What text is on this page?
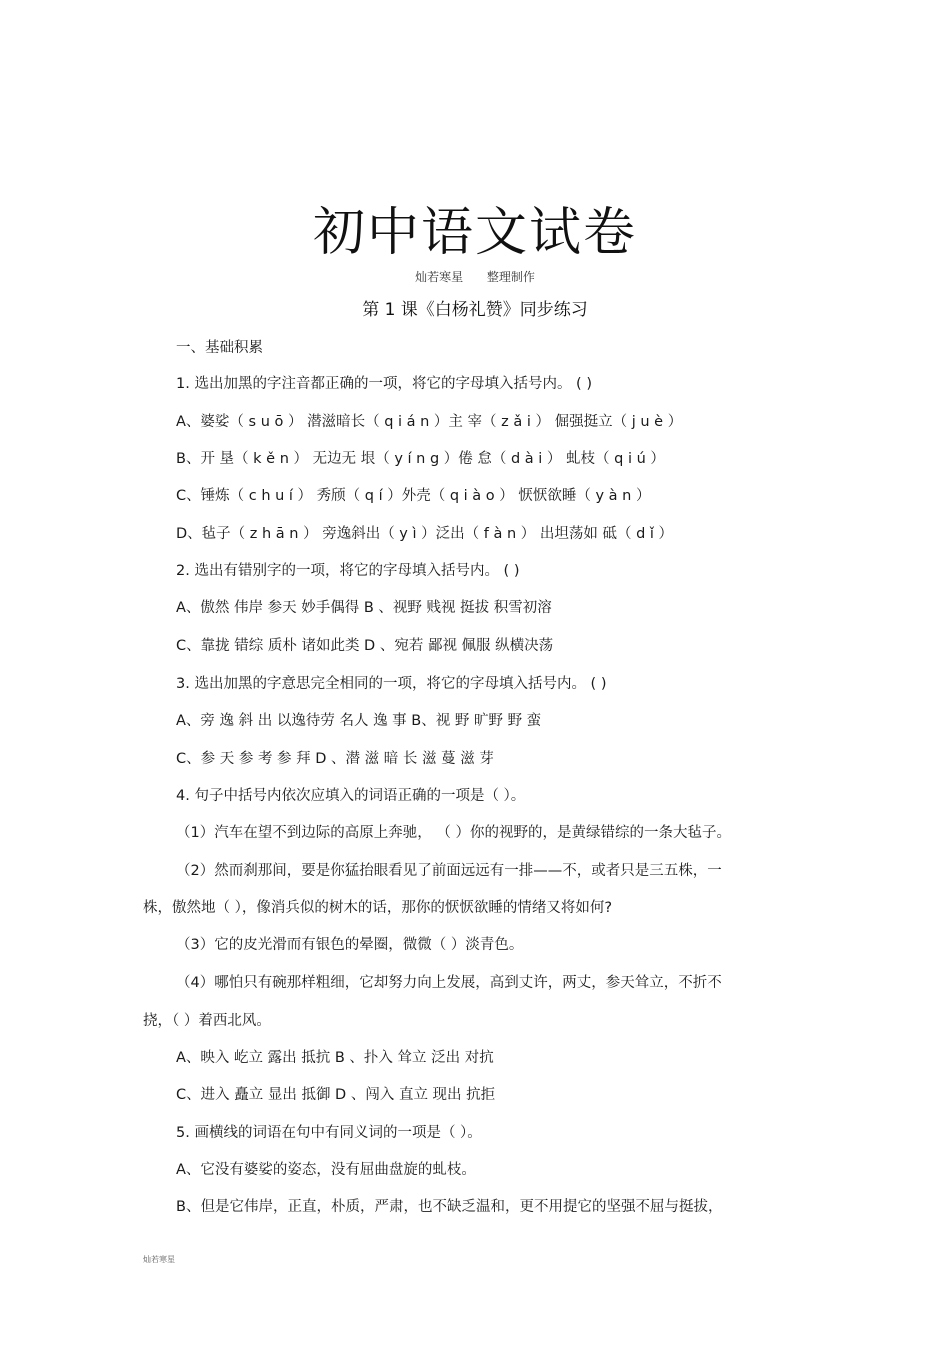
初中语文试卷
灿若寒星 整理制作
第 1 课《白杨礼赞》同步练习
一、基础积累
1. 选出加黑的字注音都正确的一项，将它的字母填入括号内。 ( )
A、婆娑（ s u ō ） 潜滋暗长（ q i á n ）主 宰（ z ǎ i ） 倔强挺立（ j u è ）
B、开 垦（ k ě n ） 无边无 垠（ y í n g ）倦 怠（ d à i ） 虬枝（ q i ú ）
C、锤炼（ c h u í ） 秀颀（ q í ）外壳（ q i à o ） 恹恹欲睡（ y à n ）
D、毡子（ z h ā n ） 旁逸斜出（ y ì ）泛出（ f à n ） 出坦荡如 砥（ d ǐ ）
2. 选出有错别字的一项，将它的字母填入括号内。 ( )
A、傲然 伟岸 参天 妙手偶得 B 、视野 贱视 挺拔 积雪初溶
C、靠拢 错综 质朴 诸如此类 D 、宛若 鄙视 佩服 纵横决荡
3. 选出加黑的字意思完全相同的一项，将它的字母填入括号内。 ( )
A、旁 逸 斜 出 以逸待劳 名人 逸 事 B、视 野 旷野 野 蛮
C、参 天 参 考 参 拜 D 、潜 滋 暗 长 滋 蔓 滋 芽
4. 句子中括号内依次应填入的词语正确的一项是（ ）。
（1）汽车在望不到边际的高原上奔驰， （ ）你的视野的，是黄绿错综的一条大毡子。
（2）然而刹那间，要是你猛抬眼看见了前面远远有一排——不，或者只是三五株，一
株，傲然地（ ），像消兵似的树木的话，那你的恹恹欲睡的情绪又将如何?
（3）它的皮光滑而有银色的晕圈，微微（ ）淡青色。
（4）哪怕只有碗那样粗细，它却努力向上发展，高到丈许，两丈，参天耸立，不折不
挠，（ ）着西北风。
A、映入 屹立 露出 抵抗 B 、扑入 耸立 泛出 对抗
C、进入 矗立 显出 抵御 D 、闯入 直立 现出 抗拒
5. 画横线的词语在句中有同义词的一项是（ ）。
A、它没有婆娑的姿态，没有屈曲盘旋的虬枝。
B、但是它伟岸，正直，朴质，严肃，也不缺乏温和，更不用提它的坚强不屈与挺拔，
灿若寒星
